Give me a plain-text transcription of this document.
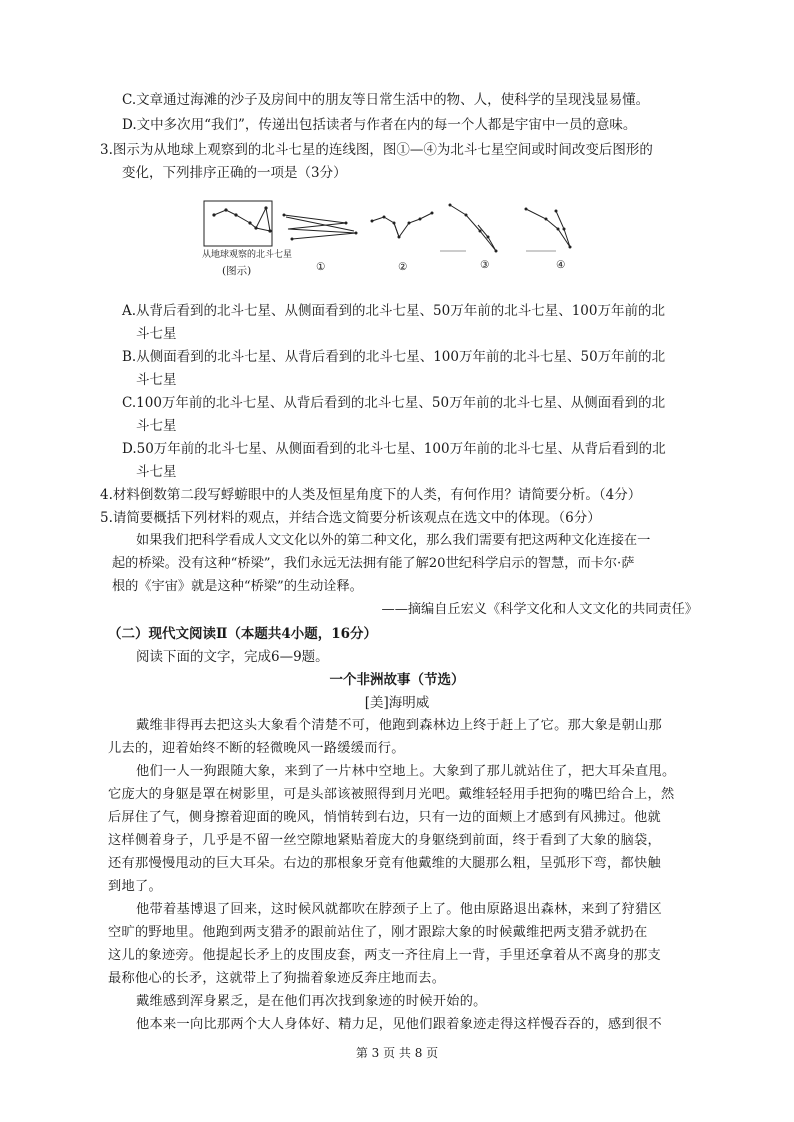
C.文章通过海滩的沙子及房间中的朋友等日常生活中的物、人，使科学的呈现浅显易懂。
D.文中多次用“我们”，传递出包括读者与作者在内的每一个人都是宇宙中一员的意味。
3.图示为从地球上观察到的北斗七星的连线图，图①—④为北斗七星空间或时间改变后图形的
变化，下列排序正确的一项是（3分）
从地球观察的北斗七星
(图示)	①	②	③	④
A.从背后看到的北斗七星、从侧面看到的北斗七星、50万年前的北斗七星、100万年前的北
斗七星
B.从侧面看到的北斗七星、从背后看到的北斗七星、100万年前的北斗七星、50万年前的北
斗七星
C.100万年前的北斗七星、从背后看到的北斗七星、50万年前的北斗七星、从侧面看到的北
斗七星
D.50万年前的北斗七星、从侧面看到的北斗七星、100万年前的北斗七星、从背后看到的北
斗七星
4.材料倒数第二段写蜉蝣眼中的人类及恒星角度下的人类，有何作用？请简要分析。（4分）
5.请简要概括下列材料的观点，并结合选文简要分析该观点在选文中的体现。（6分）
如果我们把科学看成人文文化以外的第二种文化，那么我们需要有把这两种文化连接在一
起的桥梁。没有这种“桥梁”，我们永远无法拥有能了解20世纪科学启示的智慧，而卡尔·萨
根的《宇宙》就是这种“桥梁”的生动诠释。
——摘编自丘宏义《科学文化和人文文化的共同责任》
（二）现代文阅读Ⅱ（本题共4小题，16分）
阅读下面的文字，完成6—9题。
一个非洲故事（节选）
[美]海明威
戴维非得再去把这头大象看个清楚不可，他跑到森林边上终于赶上了它。那大象是朝山那
儿去的，迎着始终不断的轻微晚风一路缓缓而行。
他们一人一狗跟随大象，来到了一片林中空地上。大象到了那儿就站住了，把大耳朵直甩。
它庞大的身躯是罩在树影里，可是头部该被照得到月光吧。戴维轻轻用手把狗的嘴巴给合上，然
后屏住了气，侧身擦着迎面的晚风，悄悄转到右边，只有一边的面颊上才感到有风拂过。他就
这样侧着身子，几乎是不留一丝空隙地紧贴着庞大的身躯绕到前面，终于看到了大象的脑袋，
还有那慢慢甩动的巨大耳朵。右边的那根象牙竟有他戴维的大腿那么粗，呈弧形下弯，都快触
到地了。
他带着基博退了回来，这时候风就都吹在脖颈子上了。他由原路退出森林，来到了狩猎区
空旷的野地里。他跑到两支猎矛的跟前站住了，刚才跟踪大象的时候戴维把两支猎矛就扔在
这儿的象迹旁。他提起长矛上的皮围皮套，两支一齐往肩上一背，手里还拿着从不离身的那支
最称他心的长矛，这就带上了狗揣着象迹反奔庄地而去。
戴维感到浑身累乏，是在他们再次找到象迹的时候开始的。
他本来一向比那两个大人身体好、精力足，见他们跟着象迹走得这样慢吞吞的，感到很不
第 3 页 共 8 页
